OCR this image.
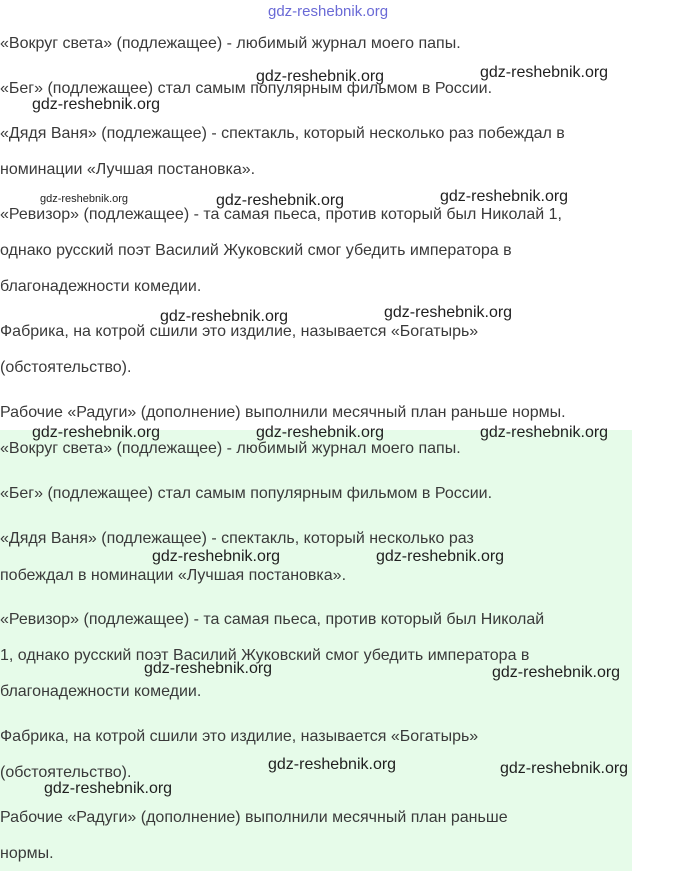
«Вокруг света» (подлежащее) - любимый журнал моего папы.
«Бег» (подлежащее) стал самым популярным фильмом в России.
«Дядя Ваня» (подлежащее) - спектакль, который несколько раз побеждал в
номинации «Лучшая постановка».
«Ревизор» (подлежащее) - та самая пьеса, против который был Николай 1,
однако русский поэт Василий Жуковский смог убедить императора в
благонадежности комедии.
Фабрика, на котрой сшили это издилие, называется «Богатырь»
(обстоятельство).
Рабочие «Радуги» (дополнение) выполнили месячный план раньше нормы.
«Вокруг света» (подлежащее) - любимый журнал моего папы.
«Бег» (подлежащее) стал самым популярным фильмом в России.
«Дядя Ваня» (подлежащее) - спектакль, который несколько раз
побеждал в номинации «Лучшая постановка».
«Ревизор» (подлежащее) - та самая пьеса, против который был Николай
1, однако русский поэт Василий Жуковский смог убедить императора в
благонадежности комедии.
Фабрика, на котрой сшили это издилие, называется «Богатырь»
(обстоятельство).
Рабочие «Радуги» (дополнение) выполнили месячный план раньше
нормы.
gdz-reshebnik.org
gdz-reshebnik.org	gdz-reshebnik.org
gdz-reshebnik.org
gdz-reshebnik.org	gdz-reshebnik.org	gdz-reshebnik.org
gdz-reshebnik.org	gdz-reshebnik.org
gdz-reshebnik.org	gdz-reshebnik.org	gdz-reshebnik.org
gdz-reshebnik.org	gdz-reshebnik.org
gdz-reshebnik.org	gdz-reshebnik.org
gdz-reshebnik.org	gdz-reshebnik.org
gdz-reshebnik.org
